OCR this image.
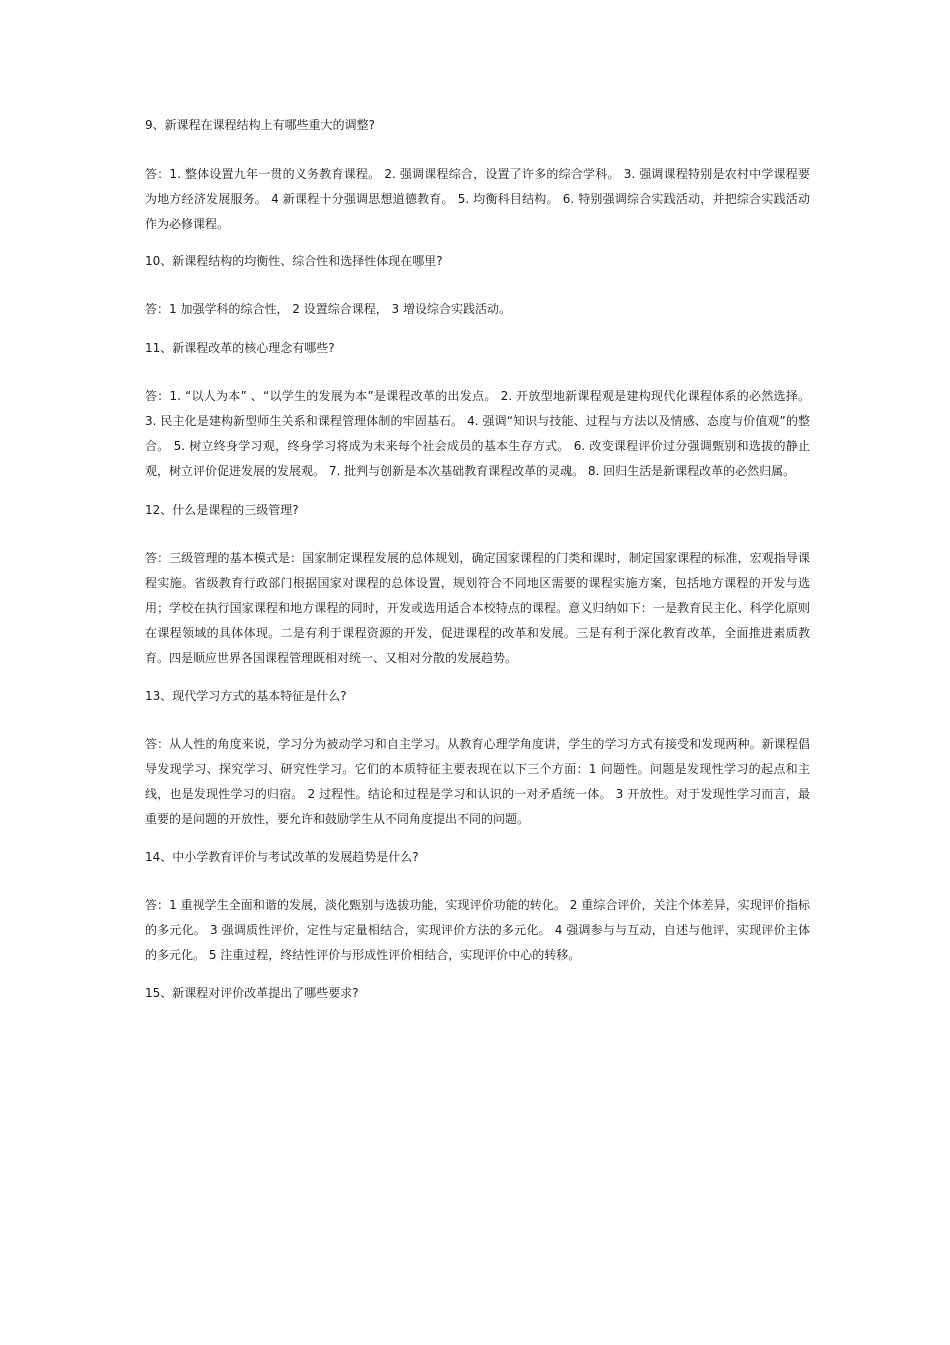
9、新课程在课程结构上有哪些重大的调整?

答：1. 整体设置九年一贯的义务教育课程。 2. 强调课程综合，设置了许多的综合学科。 3. 强调课程特别是农村中学课程要为地方经济发展服务。 4 新课程十分强调思想道德教育。 5. 均衡科目结构。 6. 特别强调综合实践活动，并把综合实践活动作为必修课程。

10、新课程结构的均衡性、综合性和选择性体现在哪里?

答：1 加强学科的综合性， 2 设置综合课程， 3 增设综合实践活动。

11、新课程改革的核心理念有哪些?

答：1. “以人为本” 、“以学生的发展为本”是课程改革的出发点。 2. 开放型地新课程观是建构现代化课程体系的必然选择。 3. 民主化是建构新型师生关系和课程管理体制的牢固基石。 4. 强调“知识与技能、过程与方法以及情感、态度与价值观”的整合。 5. 树立终身学习观，终身学习将成为未来每个社会成员的基本生存方式。 6. 改变课程评价过分强调甄别和选拔的静止观，树立评价促进发展的发展观。 7. 批判与创新是本次基础教育课程改革的灵魂。 8. 回归生活是新课程改革的必然归属。

12、什么是课程的三级管理?

答：三级管理的基本模式是：国家制定课程发展的总体规划，确定国家课程的门类和课时，制定国家课程的标准，宏观指导课程实施。省级教育行政部门根据国家对课程的总体设置，规划符合不同地区需要的课程实施方案，包括地方课程的开发与选用；学校在执行国家课程和地方课程的同时，开发或选用适合本校特点的课程。意义归纳如下：一是教育民主化、科学化原则在课程领域的具体体现。二是有利于课程资源的开发，促进课程的改革和发展。三是有利于深化教育改革，全面推进素质教育。四是顺应世界各国课程管理既相对统一、又相对分散的发展趋势。

13、现代学习方式的基本特征是什么?

答：从人性的角度来说，学习分为被动学习和自主学习。从教育心理学角度讲，学生的学习方式有接受和发现两种。新课程倡导发现学习、探究学习、研究性学习。它们的本质特征主要表现在以下三个方面：1 问题性。问题是发现性学习的起点和主线，也是发现性学习的归宿。 2 过程性。结论和过程是学习和认识的一对矛盾统一体。 3 开放性。对于发现性学习而言，最重要的是问题的开放性，要允许和鼓励学生从不同角度提出不同的问题。

14、中小学教育评价与考试改革的发展趋势是什么?

答：1 重视学生全面和谐的发展，淡化甄别与选拔功能，实现评价功能的转化。 2 重综合评价，关注个体差异，实现评价指标的多元化。 3 强调质性评价，定性与定量相结合，实现评价方法的多元化。 4 强调参与与互动，自述与他评，实现评价主体的多元化。 5 注重过程，终结性评价与形成性评价相结合，实现评价中心的转移。

15、新课程对评价改革提出了哪些要求?
